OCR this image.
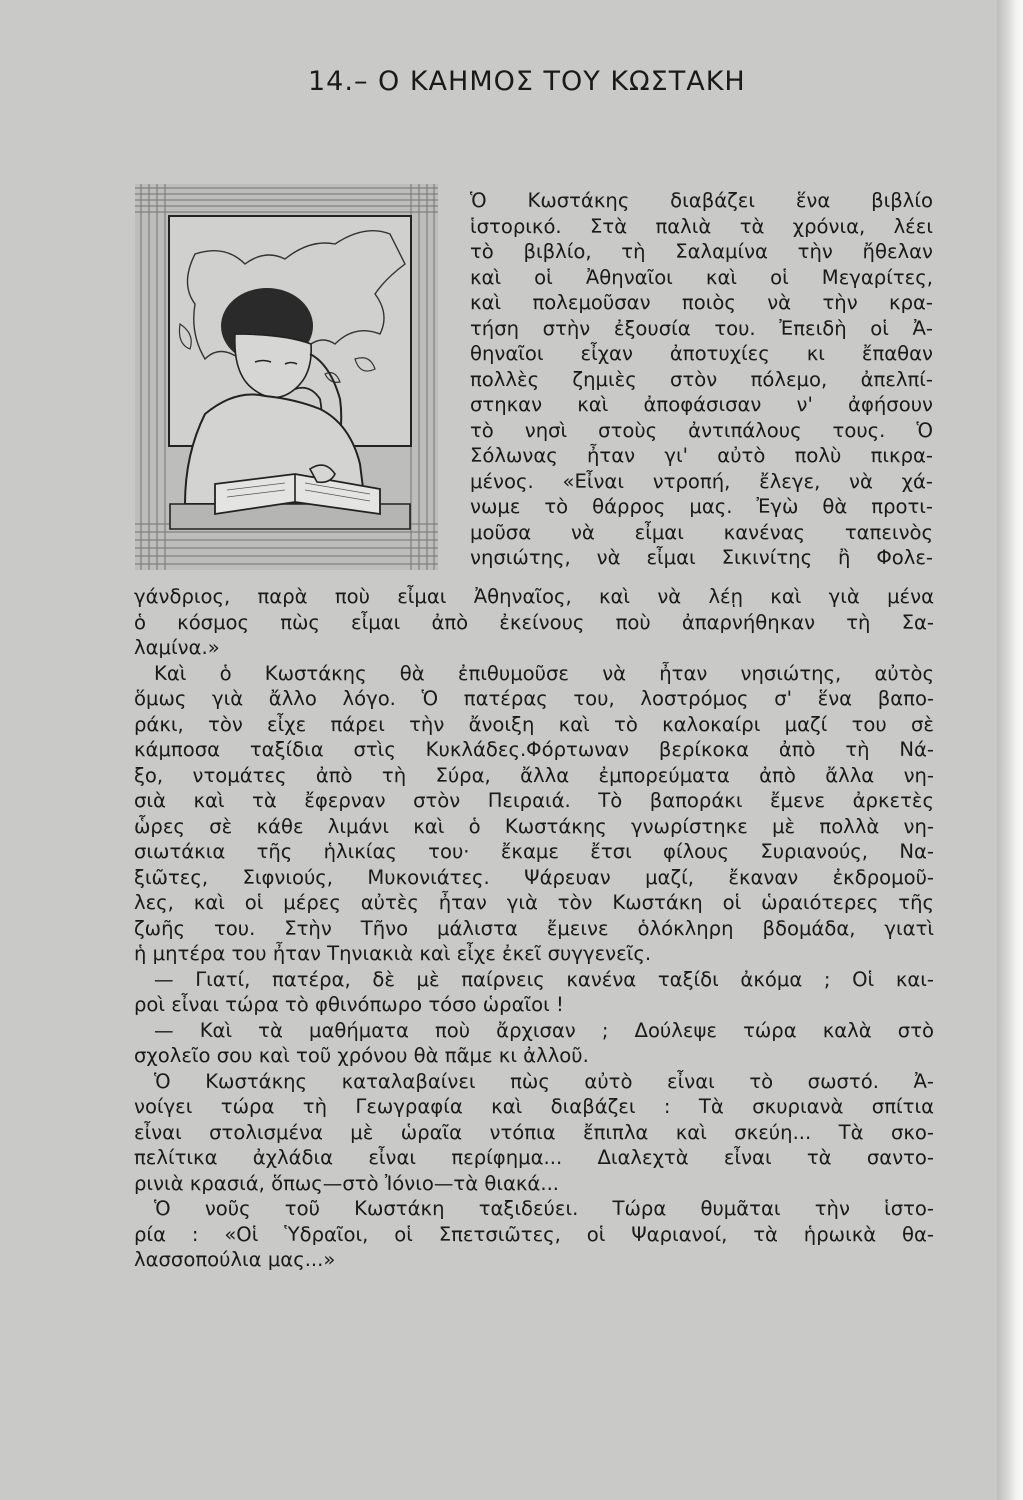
14.– Ο ΚΑΗΜΟΣ ΤΟΥ ΚΩΣΤΑΚΗ
Ὁ Κωστάκης διαβάζει ἕνα βιβλίο
ἱστορικό. Στὰ παλιὰ τὰ χρόνια, λέει
τὸ βιβλίο, τὴ Σαλαμίνα τὴν ἤθελαν
καὶ οἱ Ἀθηναῖοι καὶ οἱ Μεγαρίτες,
καὶ πολεμοῦσαν ποιὸς νὰ τὴν κρα-
τήση στὴν ἐξουσία του. Ἐπειδὴ οἱ Ἀ-
θηναῖοι εἶχαν ἀποτυχίες κι ἔπαθαν
πολλὲς ζημιὲς στὸν πόλεμο, ἀπελπί-
στηκαν καὶ ἀποφάσισαν ν' ἀφήσουν
τὸ νησὶ στοὺς ἀντιπάλους τους. Ὁ
Σόλωνας ἦταν γι' αὐτὸ πολὺ πικρα-
μένος. «Εἶναι ντροπή, ἔλεγε, νὰ χά-
νωμε τὸ θάρρος μας. Ἐγὼ θὰ προτι-
μοῦσα νὰ εἶμαι κανένας ταπεινὸς
νησιώτης, νὰ εἶμαι Σικινίτης ἢ Φολε-
γάνδριος, παρὰ ποὺ εἶμαι Ἀθηναῖος, καὶ νὰ λέῃ καὶ γιὰ μένα
ὁ κόσμος πὼς εἶμαι ἀπὸ ἐκείνους ποὺ ἀπαρνήθηκαν τὴ Σα-
λαμίνα.»
Καὶ ὁ Κωστάκης θὰ ἐπιθυμοῦσε νὰ ἦταν νησιώτης, αὐτὸς
ὅμως γιὰ ἄλλο λόγο. Ὁ πατέρας του, λοστρόμος σ' ἕνα βαπο-
ράκι, τὸν εἶχε πάρει τὴν ἄνοιξη καὶ τὸ καλοκαίρι μαζί του σὲ
κάμποσα ταξίδια στὶς Κυκλάδες.Φόρτωναν βερίκοκα ἀπὸ τὴ Νά-
ξο, ντομάτες ἀπὸ τὴ Σύρα, ἄλλα ἐμπορεύματα ἀπὸ ἄλλα νη-
σιὰ καὶ τὰ ἔφερναν στὸν Πειραιά. Τὸ βαποράκι ἔμενε ἀρκετὲς
ὧρες σὲ κάθε λιμάνι καὶ ὁ Κωστάκης γνωρίστηκε μὲ πολλὰ νη-
σιωτάκια τῆς ἡλικίας του· ἔκαμε ἔτσι φίλους Συριανούς, Να-
ξιῶτες, Σιφνιούς, Μυκονιάτες. Ψάρευαν μαζί, ἔκαναν ἐκδρομοῦ-
λες, καὶ οἱ μέρες αὐτὲς ἦταν γιὰ τὸν Κωστάκη οἱ ὡραιότερες τῆς
ζωῆς του. Στὴν Τῆνο μάλιστα ἔμεινε ὁλόκληρη βδομάδα, γιατὶ
ἡ μητέρα του ἦταν Τηνιακιὰ καὶ εἶχε ἐκεῖ συγγενεῖς.
— Γιατί, πατέρα, δὲ μὲ παίρνεις κανένα ταξίδι ἀκόμα ; Οἱ και-
ροὶ εἶναι τώρα τὸ φθινόπωρο τόσο ὡραῖοι !
— Καὶ τὰ μαθήματα ποὺ ἄρχισαν ; Δούλεψε τώρα καλὰ στὸ
σχολεῖο σου καὶ τοῦ χρόνου θὰ πᾶμε κι ἀλλοῦ.
Ὁ Κωστάκης καταλαβαίνει πὼς αὐτὸ εἶναι τὸ σωστό. Ἀ-
νοίγει τώρα τὴ Γεωγραφία καὶ διαβάζει : Τὰ σκυριανὰ σπίτια
εἶναι στολισμένα μὲ ὡραῖα ντόπια ἔπιπλα καὶ σκεύη... Τὰ σκο-
πελίτικα ἀχλάδια εἶναι περίφημα... Διαλεχτὰ εἶναι τὰ σαντο-
ρινιὰ κρασιά, ὅπως—στὸ Ἰόνιο—τὰ θιακά...
Ὁ νοῦς τοῦ Κωστάκη ταξιδεύει. Τώρα θυμᾶται τὴν ἱστο-
ρία : «Οἱ Ὑδραῖοι, οἱ Σπετσιῶτες, οἱ Ψαριανοί, τὰ ἡρωικὰ θα-
λασσοπούλια μας...»
